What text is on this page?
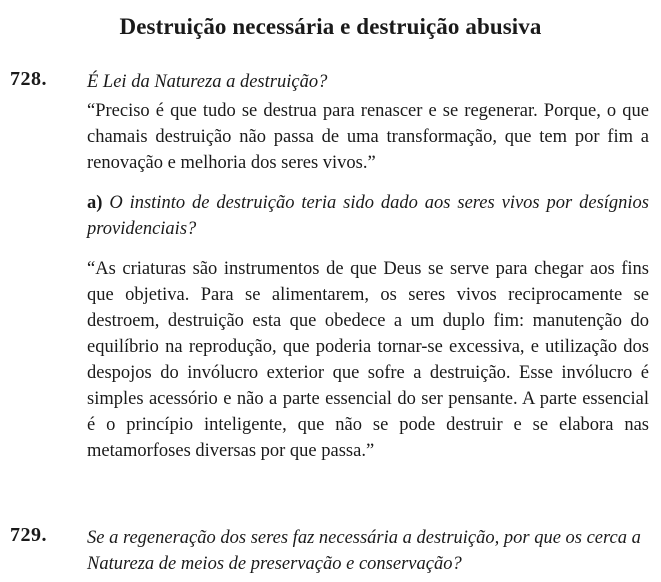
Destruição necessária e destruição abusiva
728. É Lei da Natureza a destruição?
“Preciso é que tudo se destrua para renascer e se regenerar. Porque, o que chamais destruição não passa de uma transformação, que tem por fim a renovação e melhoria dos seres vivos.”
a) O instinto de destruição teria sido dado aos seres vivos por desígnios providenciais?
“As criaturas são instrumentos de que Deus se serve para chegar aos fins que objetiva. Para se alimentarem, os seres vivos reciprocamente se destroem, destruição esta que obedece a um duplo fim: manutenção do equilíbrio na reprodução, que poderia tornar-se excessiva, e utilização dos despojos do invólucro exterior que sofre a destruição. Esse invólucro é simples acessório e não a parte essencial do ser pensante. A parte essencial é o princípio inteligente, que não se pode destruir e se elabora nas metamorfoses diversas por que passa.”
729. Se a regeneração dos seres faz necessária a destruição, por que os cerca a Natureza de meios de preservação e conservação?
